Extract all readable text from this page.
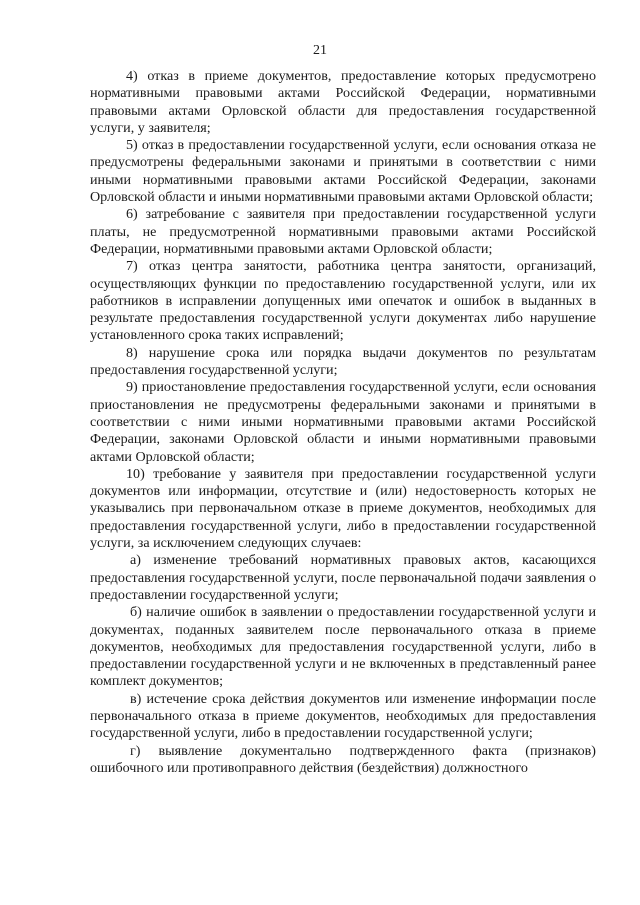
21

4) отказ в приеме документов, предоставление которых предусмотрено нормативными правовыми актами Российской Федерации, нормативными правовыми актами Орловской области для предоставления государственной услуги, у заявителя;

5) отказ в предоставлении государственной услуги, если основания отказа не предусмотрены федеральными законами и принятыми в соответствии с ними иными нормативными правовыми актами Российской Федерации, законами Орловской области и иными нормативными правовыми актами Орловской области;

6) затребование с заявителя при предоставлении государственной услуги платы, не предусмотренной нормативными правовыми актами Российской Федерации, нормативными правовыми актами Орловской области;

7) отказ центра занятости, работника центра занятости, организаций, осуществляющих функции по предоставлению государственной услуги, или их работников в исправлении допущенных ими опечаток и ошибок в выданных в результате предоставления государственной услуги документах либо нарушение установленного срока таких исправлений;

8) нарушение срока или порядка выдачи документов по результатам предоставления государственной услуги;

9) приостановление предоставления государственной услуги, если основания приостановления не предусмотрены федеральными законами и принятыми в соответствии с ними иными нормативными правовыми актами Российской Федерации, законами Орловской области и иными нормативными правовыми актами Орловской области;

10) требование у заявителя при предоставлении государственной услуги документов или информации, отсутствие и (или) недостоверность которых не указывались при первоначальном отказе в приеме документов, необходимых для предоставления государственной услуги, либо в предоставлении государственной услуги, за исключением следующих случаев:

а) изменение требований нормативных правовых актов, касающихся предоставления государственной услуги, после первоначальной подачи заявления о предоставлении государственной услуги;

б) наличие ошибок в заявлении о предоставлении государственной услуги и документах, поданных заявителем после первоначального отказа в приеме документов, необходимых для предоставления государственной услуги, либо в предоставлении государственной услуги и не включенных в представленный ранее комплект документов;

в) истечение срока действия документов или изменение информации после первоначального отказа в приеме документов, необходимых для предоставления государственной услуги, либо в предоставлении государственной услуги;

г) выявление документально подтвержденного факта (признаков) ошибочного или противоправного действия (бездействия) должностного
